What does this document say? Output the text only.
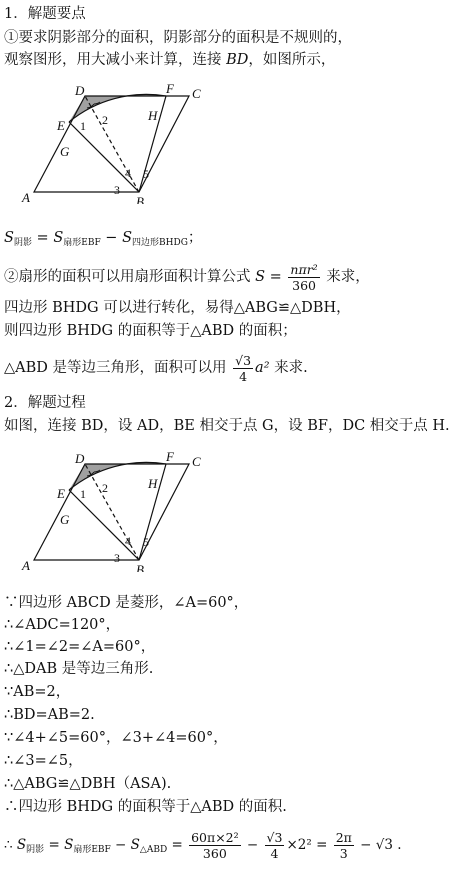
1．解题要点
①要求阴影部分的面积，阴影部分的面积是不规则的，
观察图形，用大减小来计算，连接 BD，如图所示，
D	F C
E
H
G
A	B
1 2
3
4 5
$S_{阴影} = S_{扇形EBF} - S_{四边形BHDG}$；
②扇形的面积可以用扇形面积计算公式 $S = \frac{\text{nπr²}}{360}$ 来求，
四边形 BHDG 可以进行转化，易得△ABG≌△DBH，
则四边形 BHDG 的面积等于△ABD 的面积；
△ABD 是等边三角形，面积可以用 $\frac{√3}{4} a^2$ 来求.
2．解题过程
如图，连接 BD，设 AD，BE 相交于点 G，设 BF，DC 相交于点 H.
D	F C
E
H
G
A	B
1 2
3
4 5
∵四边形 ABCD 是菱形，∠A=60°，
∴∠ADC=120°，
∴∠1=∠2=∠A=60°，
∴△DAB 是等边三角形.
∵AB=2，
∴BD=AB=2.
∵∠4+∠5=60°，∠3+∠4=60°，
∴∠3=∠5，
∴△ABG≌△DBH（ASA).
∴四边形 BHDG 的面积等于△ABD 的面积.
∴ $S_{阴影} = S_{扇形EBF} - S_{\triangle ABD} = \frac{\text{60π×2²}}{360} - \frac{√3}{4} \times 2^2 = \frac{2\pi}{3} - √3$ .
